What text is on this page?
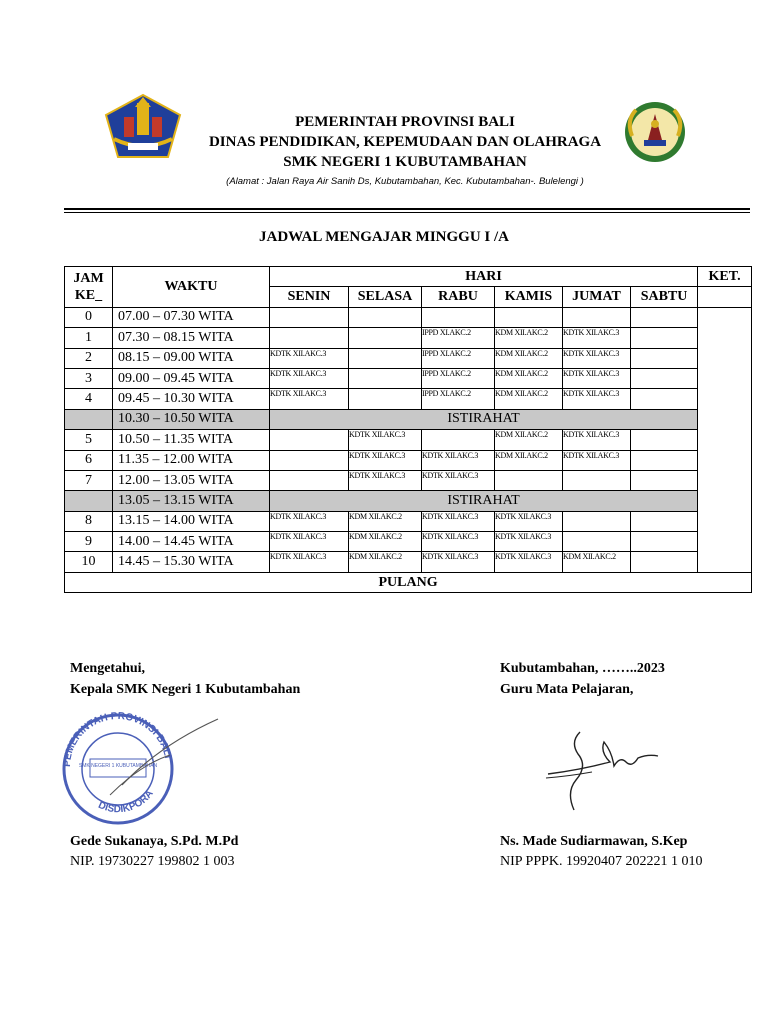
PEMERINTAH PROVINSI BALI
DINAS PENDIDIKAN, KEPEMUDAAN DAN OLAHRAGA
SMK NEGERI 1 KUBUTAMBAHAN
(Alamat : Jalan Raya Air Sanih Ds, Kubutambahan, Kec. Kubutambahan-. Bulelengi )
JADWAL MENGAJAR MINGGU I /A
JAM
KE_	WAKTU	HARI						KET.
		SENIN	SELASA	RABU	KAMIS	JUMAT	SABTU	
0	07.00 – 07.30 WITA							
1	07.30 – 08.15 WITA			IPPD XI.AKC.2	KDM XII.AKC.2	KDTK XII.AKC.3		
2	08.15 – 09.00 WITA	KDTK XII.AKC.3		IPPD XI.AKC.2	KDM XII.AKC.2	KDTK XII.AKC.3		
3	09.00 – 09.45 WITA	KDTK XII.AKC.3		IPPD XI.AKC.2	KDM XII.AKC.2	KDTK XII.AKC.3		
4	09.45 – 10.30 WITA	KDTK XII.AKC.3		IPPD XI.AKC.2	KDM XII.AKC.2	KDTK XII.AKC.3		
	10.30 – 10.50 WITA	ISTIRAHAT						
5	10.50 – 11.35 WITA		KDTK XII.AKC.3		KDM XII.AKC.2	KDTK XII.AKC.3		
6	11.35 – 12.00 WITA		KDTK XII.AKC.3	KDTK XII.AKC.3	KDM XII.AKC.2	KDTK XII.AKC.3		
7	12.00 – 13.05 WITA		KDTK XII.AKC.3	KDTK XII.AKC.3				
	13.05 – 13.15 WITA	ISTIRAHAT						
8	13.15 – 14.00 WITA	KDTK XII.AKC.3	KDM XII.AKC.2	KDTK XII.AKC.3	KDTK XII.AKC.3			
9	14.00 – 14.45 WITA	KDTK XII.AKC.3	KDM XII.AKC.2	KDTK XII.AKC.3	KDTK XII.AKC.3			
10	14.45 – 15.30 WITA	KDTK XII.AKC.3	KDM XII.AKC.2	KDTK XII.AKC.3	KDTK XII.AKC.3	KDM XII.AKC.2		
PULANG								
Mengetahui,
Kepala SMK Negeri 1 Kubutambahan
PEMERINTAH PROVINSI BALI
DISDIKPORA
SMK NEGERI 1 KUBUTAMBAHAN
Gede Sukanaya, S.Pd. M.Pd
NIP. 19730227 199802 1 003
Kubutambahan, ……..2023
Guru Mata Pelajaran,
Ns. Made Sudiarmawan, S.Kep
NIP PPPK. 19920407 202221 1 010
